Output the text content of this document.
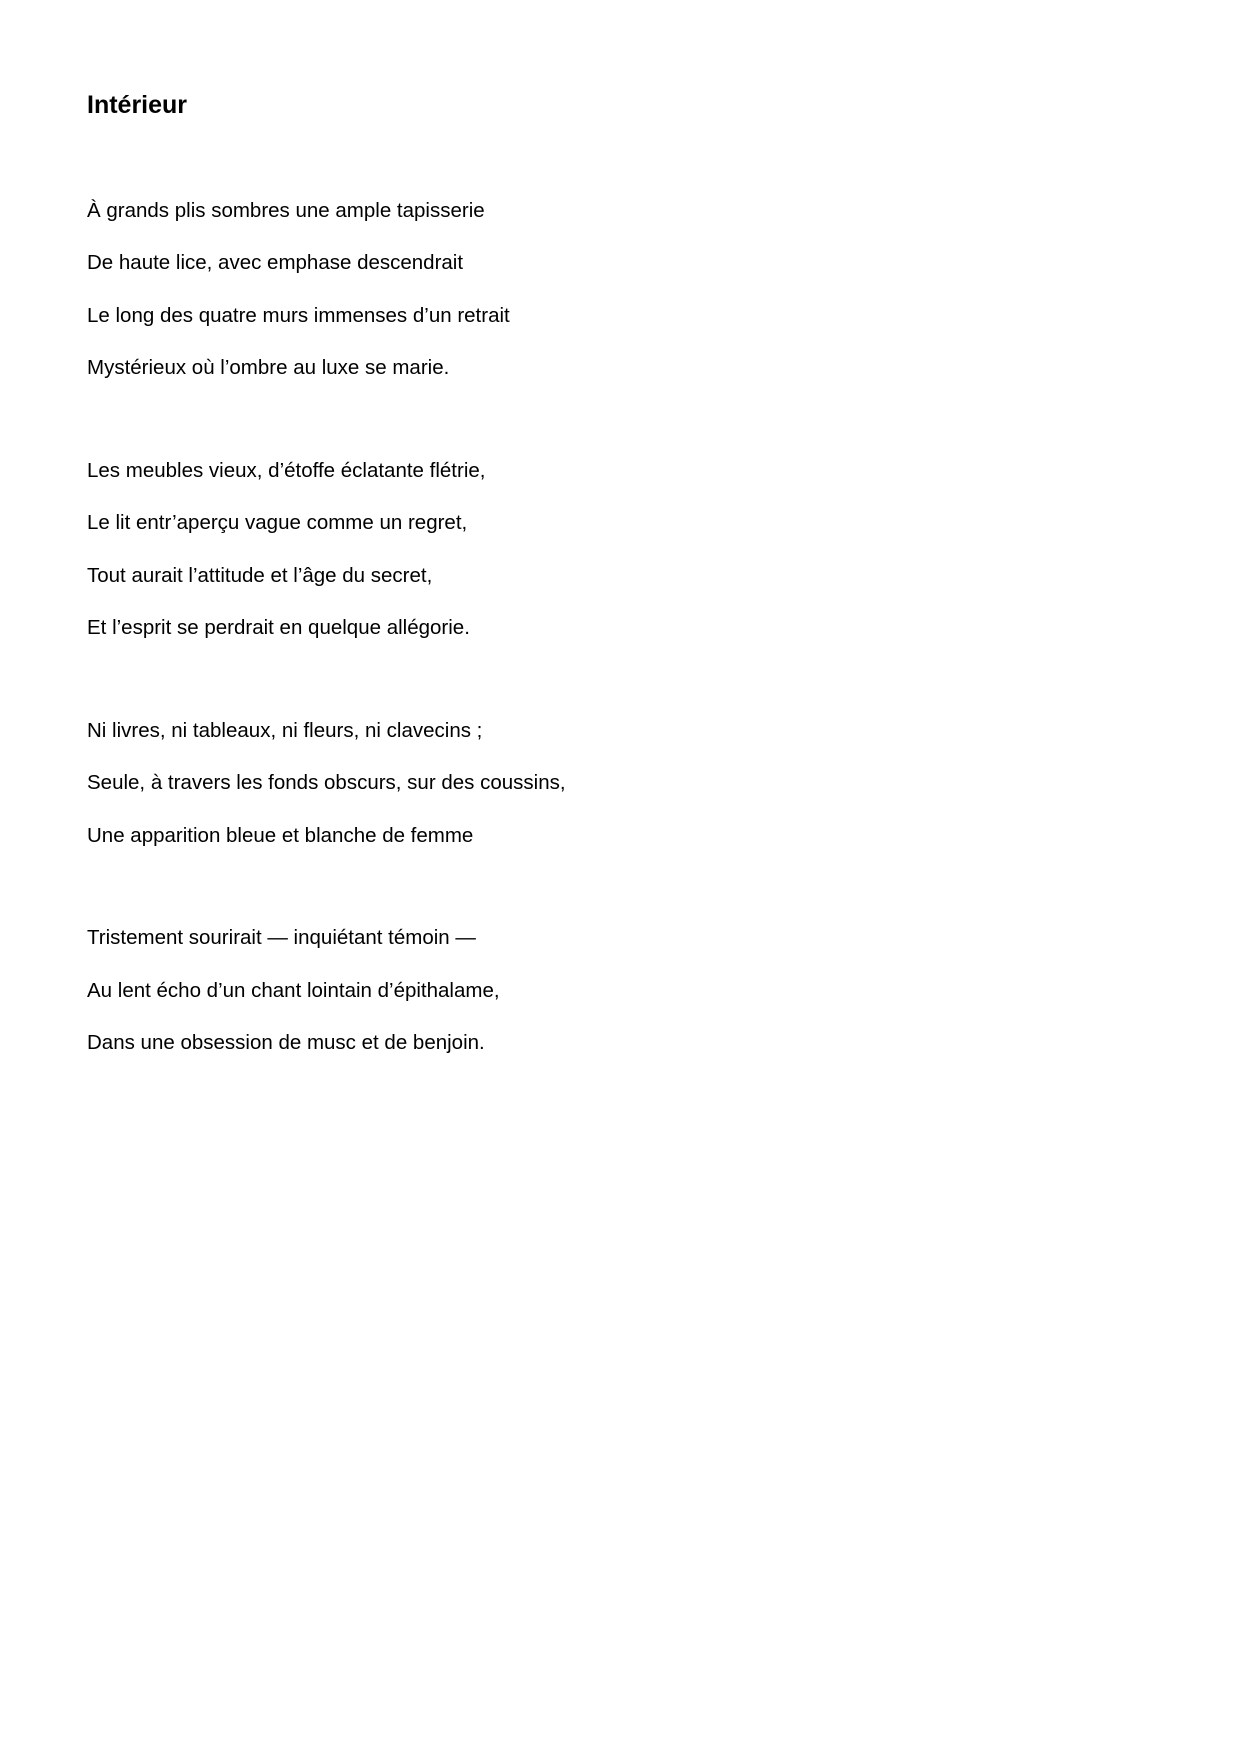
Intérieur
À grands plis sombres une ample tapisserie
De haute lice, avec emphase descendrait
Le long des quatre murs immenses d’un retrait
Mystérieux où l’ombre au luxe se marie.
Les meubles vieux, d’étoffe éclatante flétrie,
Le lit entr’aperçu vague comme un regret,
Tout aurait l’attitude et l’âge du secret,
Et l’esprit se perdrait en quelque allégorie.
Ni livres, ni tableaux, ni fleurs, ni clavecins ;
Seule, à travers les fonds obscurs, sur des coussins,
Une apparition bleue et blanche de femme
Tristement sourirait — inquiétant témoin —
Au lent écho d’un chant lointain d’épithalame,
Dans une obsession de musc et de benjoin.
